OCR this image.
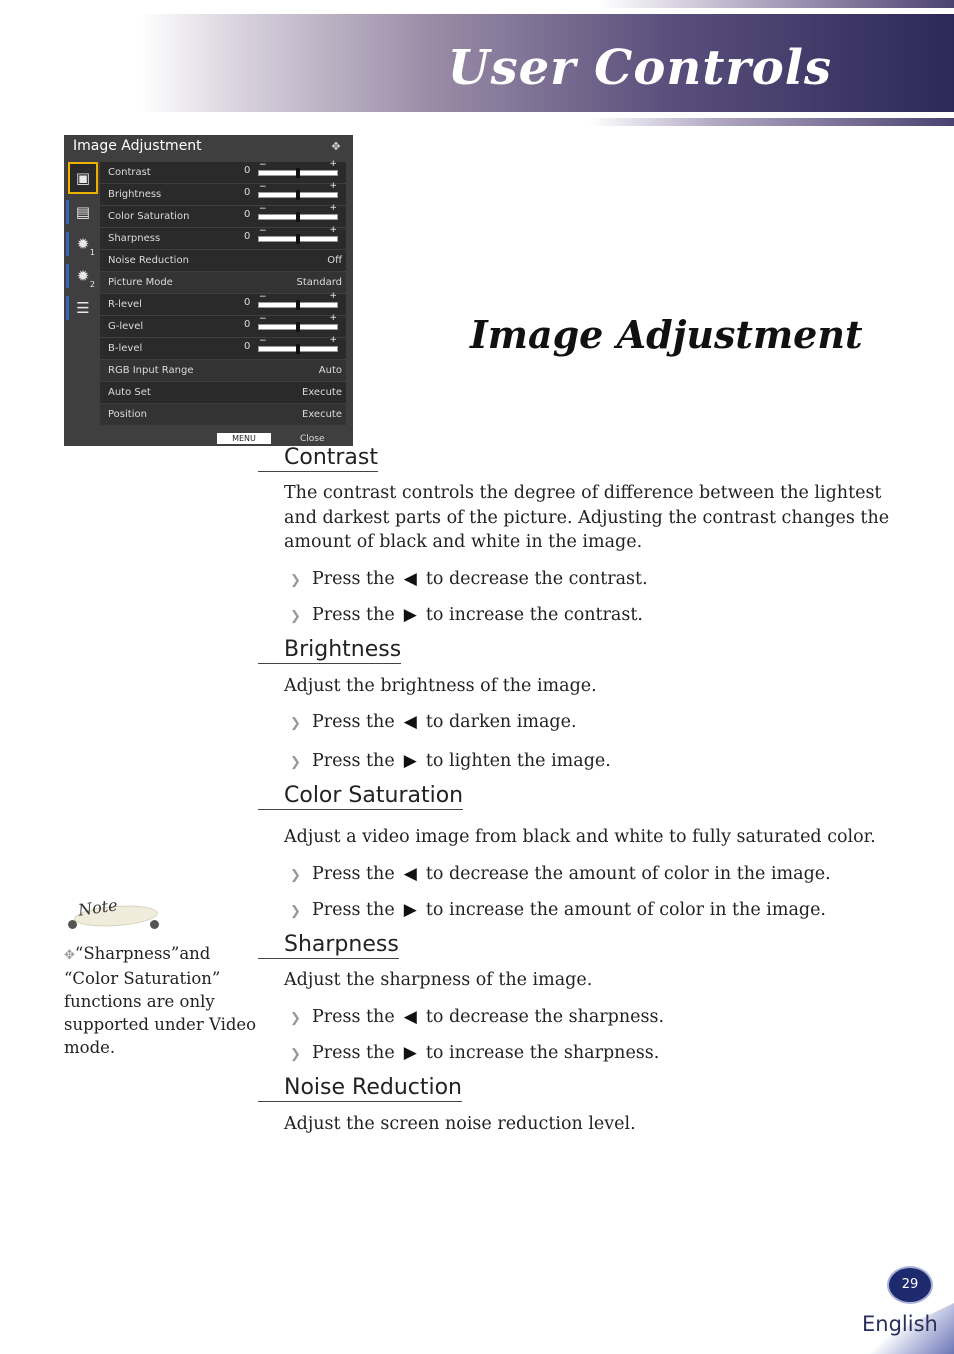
User Controls
Image Adjustment	✥
▣
▤
$✹_1$
$✹_2$
☰
Contrast	0 −	+
Brightness	0 −	+
Color Saturation	0 −	+
Sharpness	0 −	+
Noise Reduction	Off
Picture Mode	Standard
R-level	0 −	+
G-level	0 −	+
B-level	0 −	+
RGB Input Range	Auto
Auto Set	Execute
Position	Execute
MENU	Close
Image Adjustment
Contrast
The contrast controls the degree of difference between the lightest and darkest parts of the picture. Adjusting the contrast changes the amount of black and white in the image.
❯ Press the ◀ to decrease the contrast.
❯ Press the ▶ to increase the contrast.
Brightness
Adjust the brightness of the image.
❯ Press the ◀ to darken image.
❯ Press the ▶ to lighten the image.
Color Saturation
Adjust a video image from black and white to fully saturated color.
❯ Press the ◀ to decrease the amount of color in the image.
❯ Press the ▶ to increase the amount of color in the image.
Sharpness
Adjust the sharpness of the image.
❯ Press the ◀ to decrease the sharpness.
❯ Press the ▶ to increase the sharpness.
Noise Reduction
Adjust the screen noise reduction level.
Note
✥“Sharpness”and “Color Saturation” functions are only supported under Video mode.
29
English
